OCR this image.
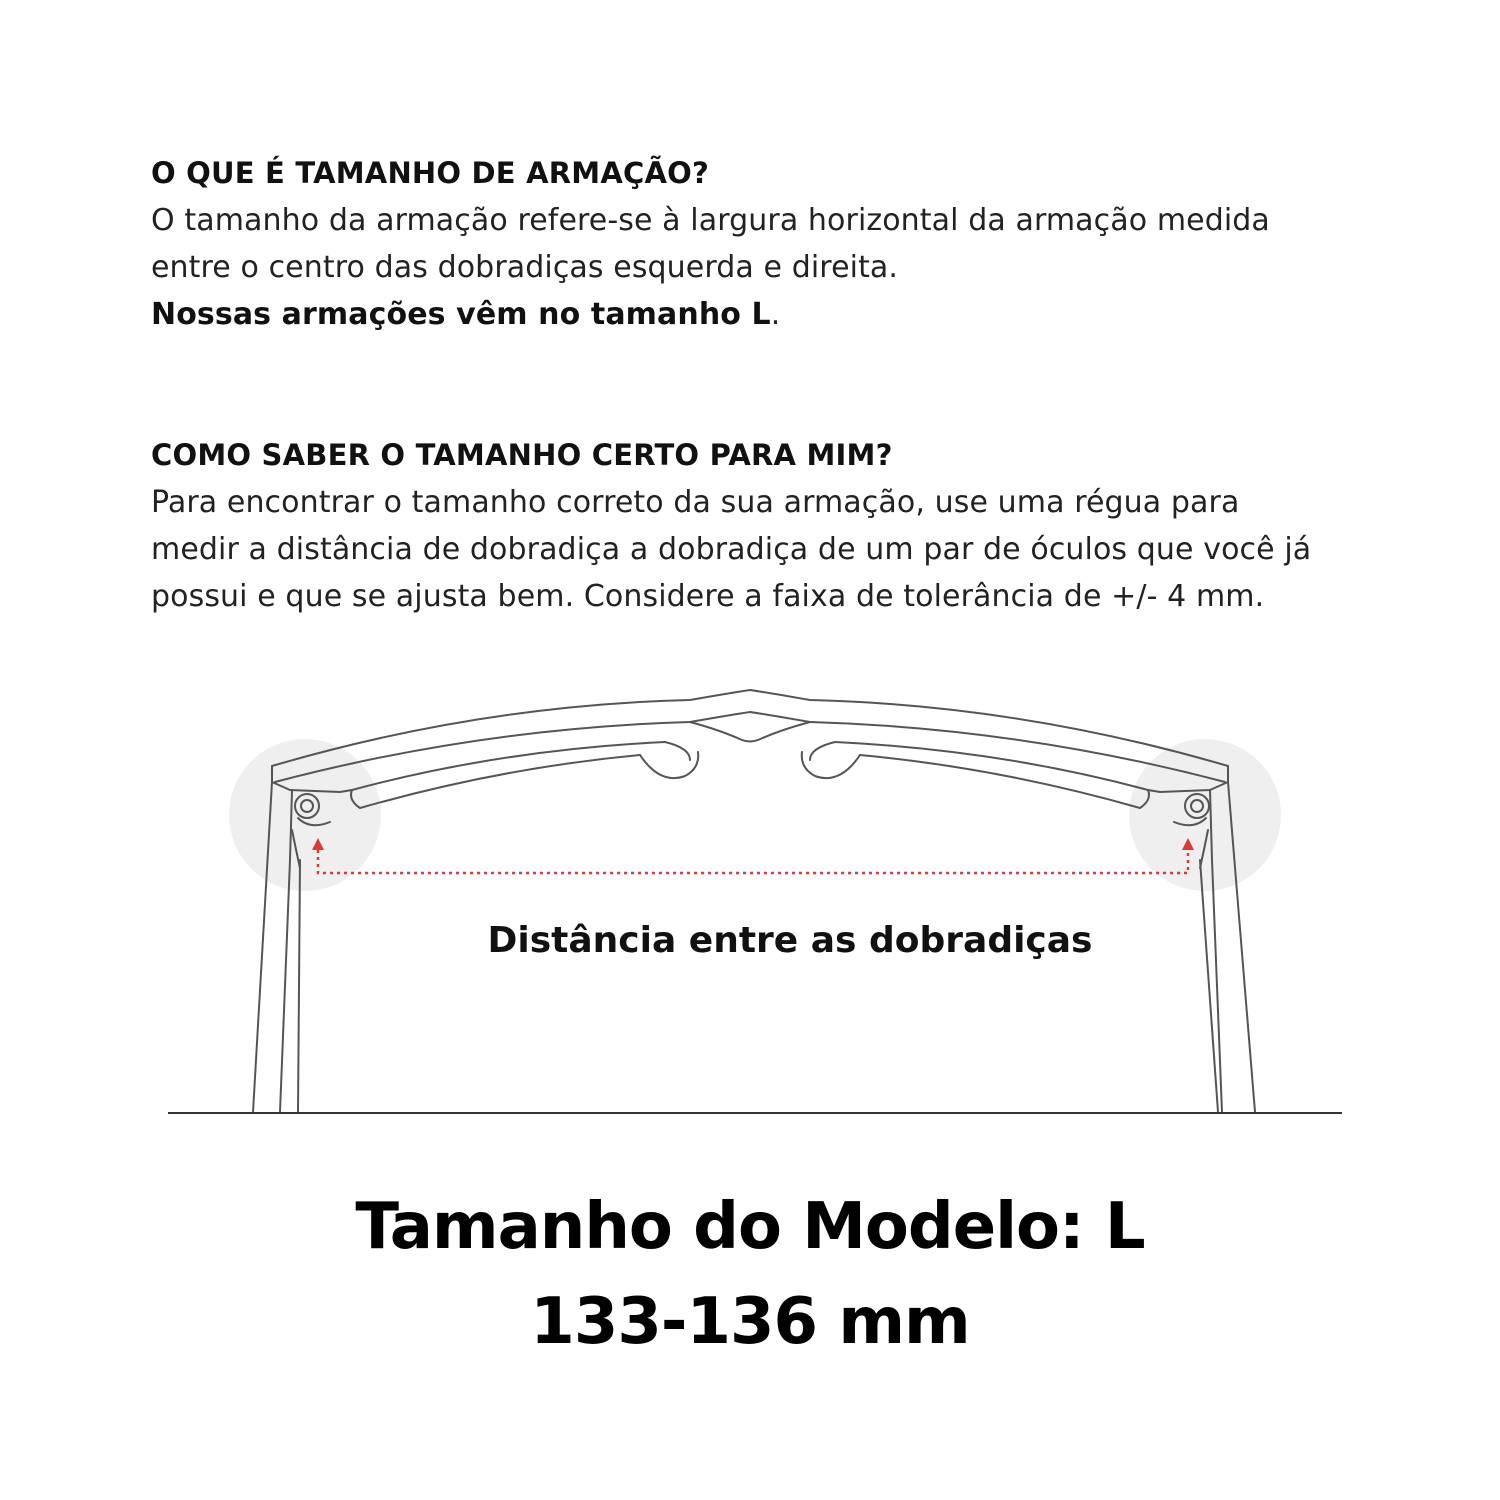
O QUE É TAMANHO DE ARMAÇÃO?

O tamanho da armação refere-se à largura horizontal da armação medida
entre o centro das dobradiças esquerda e direita.
Nossas armações vêm no tamanho L.

COMO SABER O TAMANHO CERTO PARA MIM?

Para encontrar o tamanho correto da sua armação, use uma régua para
medir a distância de dobradiça a dobradiça de um par de óculos que você já
possui e que se ajusta bem. Considere a faixa de tolerância de +/- 4 mm.

Distância entre as dobradiças
Tamanho do Modelo: L
133-136 mm
